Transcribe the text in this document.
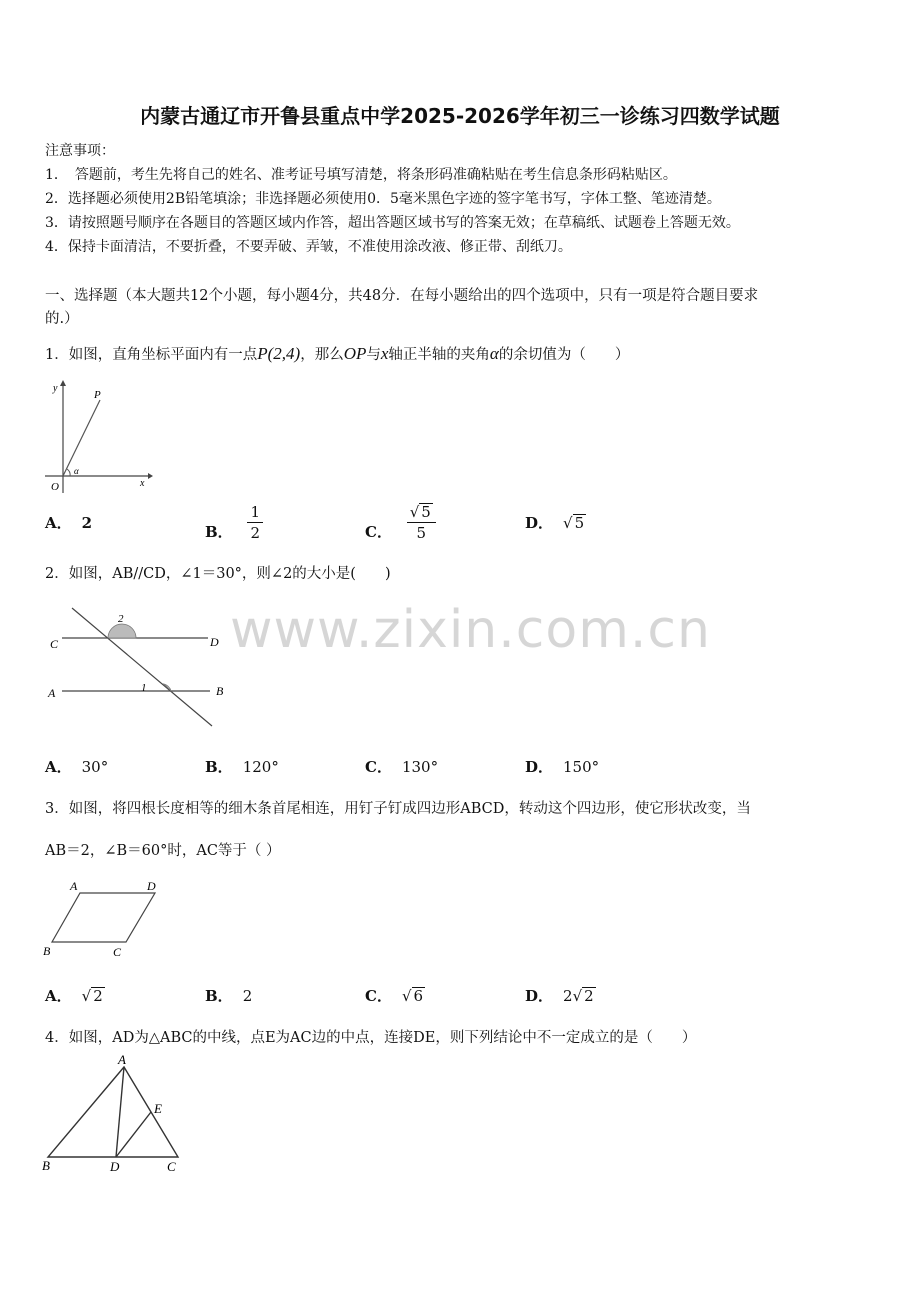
内蒙古通辽市开鲁县重点中学2025-2026学年初三一诊练习四数学试题
注意事项：
1．　答题前，考生先将自己的姓名、准考证号填写清楚，将条形码准确粘贴在考生信息条形码粘贴区。
2．选择题必须使用2B铅笔填涂；非选择题必须使用0．5毫米黑色字迹的签字笔书写，字体工整、笔迹清楚。
3．请按照题号顺序在各题目的答题区域内作答，超出答题区域书写的答案无效；在草稿纸、试题卷上答题无效。
4．保持卡面清洁，不要折叠，不要弄破、弄皱，不准使用涂改液、修正带、刮纸刀。
一、选择题（本大题共12个小题，每小题4分，共48分．在每小题给出的四个选项中，只有一项是符合题目要求
的.）
1．如图，直角坐标平面内有一点P(2,4)，那么OP与x轴正半轴的夹角α的余切值为（　　）
y
P
O	x
α
A． 2	B． $\frac{1}{2}$	C． $\frac{√ 5}{5}$	D． √ 5
2．如图，AB//CD，∠1＝30°，则∠2的大小是(　　)
C	D
A	B
1
2
A． 30°	B． 120°	C． 130°	D． 150°
www.zixin.com.cn
3．如图，将四根长度相等的细木条首尾相连，用钉子钉成四边形ABCD，转动这个四边形，使它形状改变，当
AB＝2，∠B＝60°时，AC等于（ ）
A	D
B	C
A． √ 2	B． 2	C． √ 6	D． 2√ 2
4．如图，AD为△ABC的中线，点E为AC边的中点，连接DE，则下列结论中不一定成立的是（　　）
A
E
B	D	C
